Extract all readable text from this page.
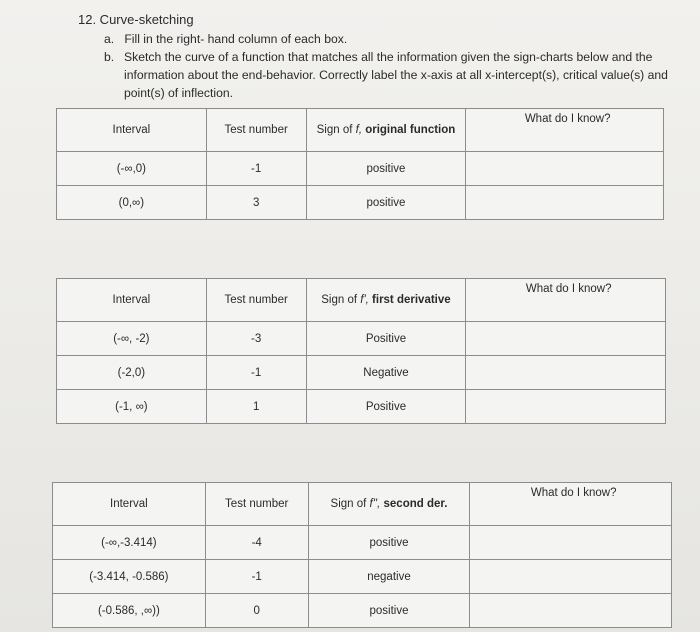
12. Curve-sketching
a. Fill in the right- hand column of each box.
b. Sketch the curve of a function that matches all the information given the sign-charts below and the information about the end-behavior. Correctly label the x-axis at all x-intercept(s), critical value(s) and point(s) of inflection.
Interval	Test number	Sign of f, original function	What do I know?
(-∞,0)	-1	positive	
(0,∞)	3	positive	
Interval	Test number	Sign of f', first derivative	What do I know?
(-∞, -2)	-3	Positive	
(-2,0)	-1	Negative	
(-1, ∞)	1	Positive	
Interval	Test number	Sign of f'', second der.	What do I know?
(-∞,-3.414)	-4	positive	
(-3.414, -0.586)	-1	negative	
(-0.586, ,∞))	0	positive	
